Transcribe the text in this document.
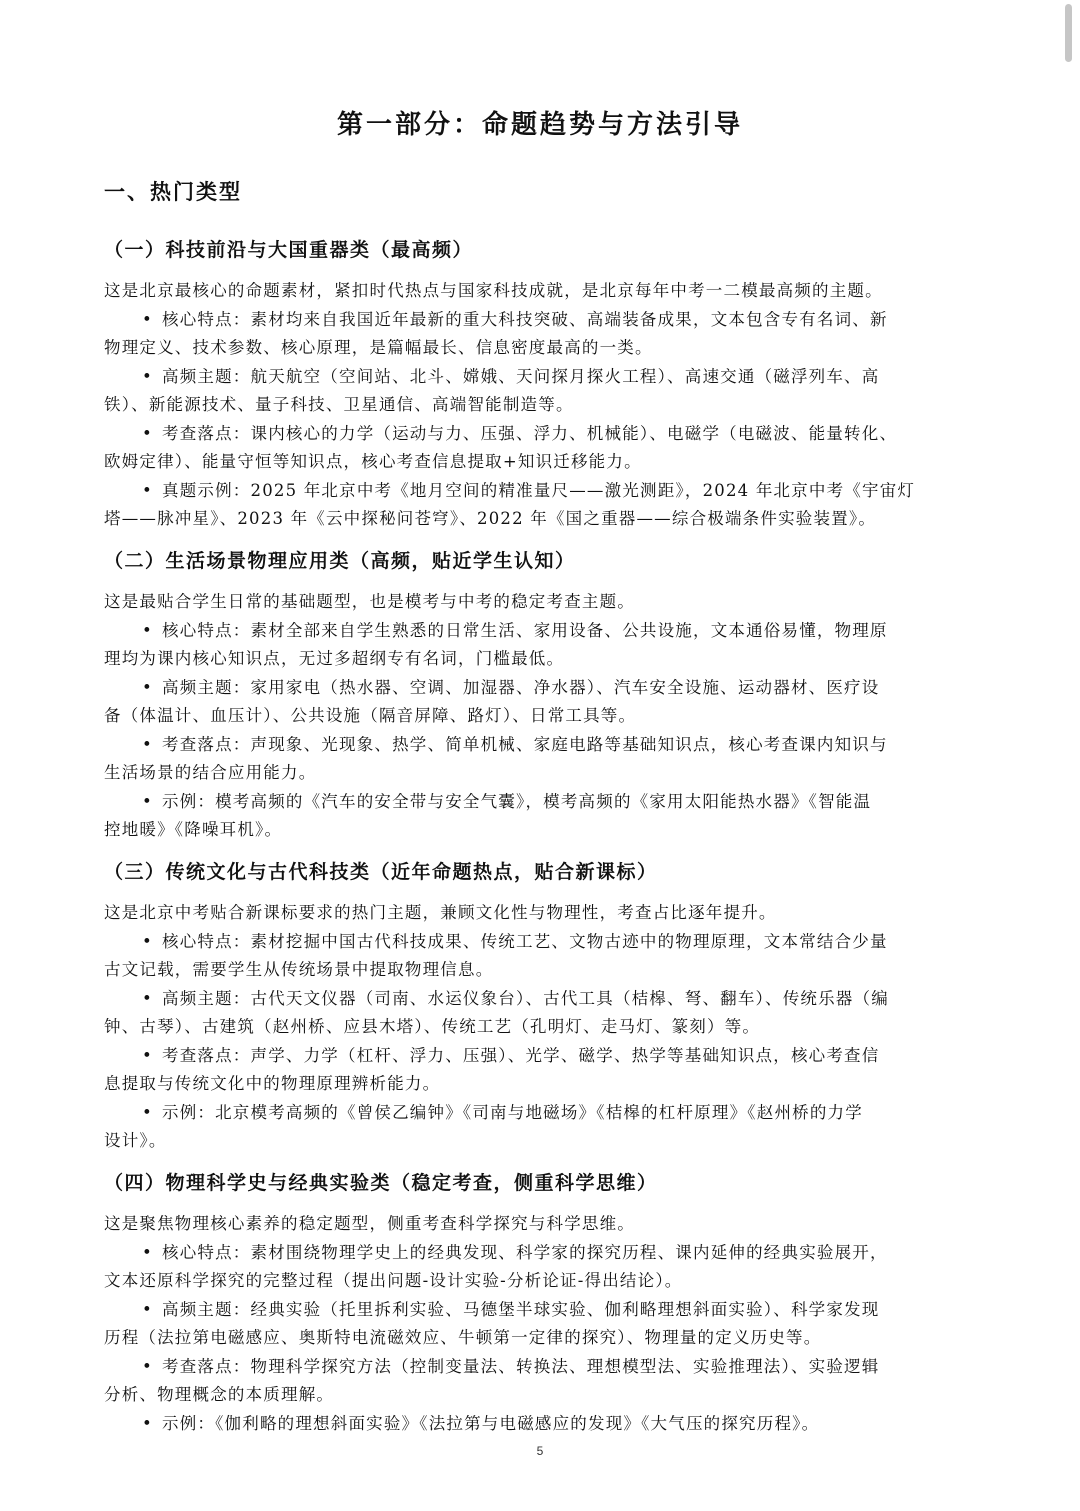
第一部分：命题趋势与方法引导
一、热门类型
（一）科技前沿与大国重器类（最高频）
这是北京最核心的命题素材，紧扣时代热点与国家科技成就，是北京每年中考一二模最高频的主题。
• 核心特点：素材均来自我国近年最新的重大科技突破、高端装备成果，文本包含专有名词、新
物理定义、技术参数、核心原理，是篇幅最长、信息密度最高的一类。
• 高频主题：航天航空（空间站、北斗、嫦娥、天问探月探火工程）、高速交通（磁浮列车、高
铁）、新能源技术、量子科技、卫星通信、高端智能制造等。
• 考查落点：课内核心的力学（运动与力、压强、浮力、机械能）、电磁学（电磁波、能量转化、
欧姆定律）、能量守恒等知识点，核心考查信息提取+知识迁移能力。
• 真题示例：2025 年北京中考《地月空间的精准量尺——激光测距》，2024 年北京中考《宇宙灯
塔——脉冲星》、2023 年《云中探秘问苍穹》、2022 年《国之重器——综合极端条件实验装置》。
（二）生活场景物理应用类（高频，贴近学生认知）
这是最贴合学生日常的基础题型，也是模考与中考的稳定考查主题。
• 核心特点：素材全部来自学生熟悉的日常生活、家用设备、公共设施，文本通俗易懂，物理原
理均为课内核心知识点，无过多超纲专有名词，门槛最低。
• 高频主题：家用家电（热水器、空调、加湿器、净水器）、汽车安全设施、运动器材、医疗设
备（体温计、血压计）、公共设施（隔音屏障、路灯）、日常工具等。
• 考查落点：声现象、光现象、热学、简单机械、家庭电路等基础知识点，核心考查课内知识与
生活场景的结合应用能力。
• 示例：模考高频的《汽车的安全带与安全气囊》，模考高频的《家用太阳能热水器》《智能温
控地暖》《降噪耳机》。
（三）传统文化与古代科技类（近年命题热点，贴合新课标）
这是北京中考贴合新课标要求的热门主题，兼顾文化性与物理性，考查占比逐年提升。
• 核心特点：素材挖掘中国古代科技成果、传统工艺、文物古迹中的物理原理，文本常结合少量
古文记载，需要学生从传统场景中提取物理信息。
• 高频主题：古代天文仪器（司南、水运仪象台）、古代工具（桔槔、弩、翻车）、传统乐器（编
钟、古琴）、古建筑（赵州桥、应县木塔）、传统工艺（孔明灯、走马灯、篆刻）等。
• 考查落点：声学、力学（杠杆、浮力、压强）、光学、磁学、热学等基础知识点，核心考查信
息提取与传统文化中的物理原理辨析能力。
• 示例：北京模考高频的《曾侯乙编钟》《司南与地磁场》《桔槔的杠杆原理》《赵州桥的力学
设计》。
（四）物理科学史与经典实验类（稳定考查，侧重科学思维）
这是聚焦物理核心素养的稳定题型，侧重考查科学探究与科学思维。
• 核心特点：素材围绕物理学史上的经典发现、科学家的探究历程、课内延伸的经典实验展开，
文本还原科学探究的完整过程（提出问题-设计实验-分析论证-得出结论）。
• 高频主题：经典实验（托里拆利实验、马德堡半球实验、伽利略理想斜面实验）、科学家发现
历程（法拉第电磁感应、奥斯特电流磁效应、牛顿第一定律的探究）、物理量的定义历史等。
• 考查落点：物理科学探究方法（控制变量法、转换法、理想模型法、实验推理法）、实验逻辑
分析、物理概念的本质理解。
• 示例：《伽利略的理想斜面实验》《法拉第与电磁感应的发现》《大气压的探究历程》。
5
